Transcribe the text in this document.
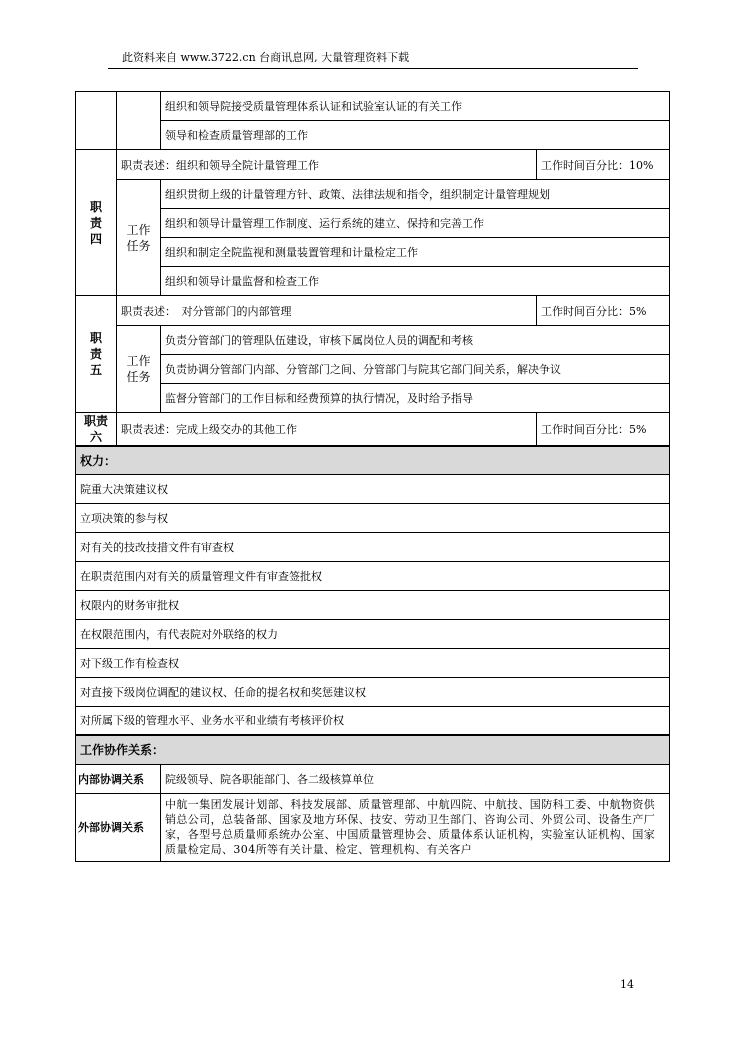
此资料来自 www.3722.cn 台商讯息网, 大量管理资料下载
		组织和领导院接受质量管理体系认证和试验室认证的有关工作	
		领导和检查质量管理部的工作	

职
责
四	职责表述：组织和领导全院计量管理工作		工作时间百分比：10%

	工作
任务	组织贯彻上级的计量管理方针、政策、法律法规和指令，组织制定计量管理规划	
		组织和领导计量管理工作制度、运行系统的建立、保持和完善工作	
		组织和制定全院监视和测量装置管理和计量检定工作	
		组织和领导计量监督和检查工作	

职
责
五	职责表述：　对分管部门的内部管理		工作时间百分比：5%

	工作
任务	负责分管部门的管理队伍建设，审核下属岗位人员的调配和考核	
		负责协调分管部门内部、分管部门之间、分管部门与院其它部门间关系，解决争议	
		监督分管部门的工作目标和经费预算的执行情况，及时给予指导	

职责
六	职责表述：完成上级交办的其他工作		工作时间百分比：5%
权力：			
院重大决策建议权			
立项决策的参与权			
对有关的技改技措文件有审查权			
在职责范围内对有关的质量管理文件有审查签批权			
权限内的财务审批权			
在权限范围内，有代表院对外联络的权力			
对下级工作有检查权			
对直接下级岗位调配的建议权、任命的提名权和奖惩建议权			
对所属下级的管理水平、业务水平和业绩有考核评价权			
工作协作关系：			
内部协调关系		院级领导、院各职能部门、各二级核算单位	
外部协调关系		中航一集团发展计划部、科技发展部、质量管理部、中航四院、中航技、国防科工委、中航物资供销总公司，总装备部、国家及地方环保、技安、劳动卫生部门、咨询公司、外贸公司、设备生产厂家，各型号总质量师系统办公室、中国质量管理协会、质量体系认证机构，实验室认证机构、国家质量检定局、304所等有关计量、检定、管理机构、有关客户	
14
